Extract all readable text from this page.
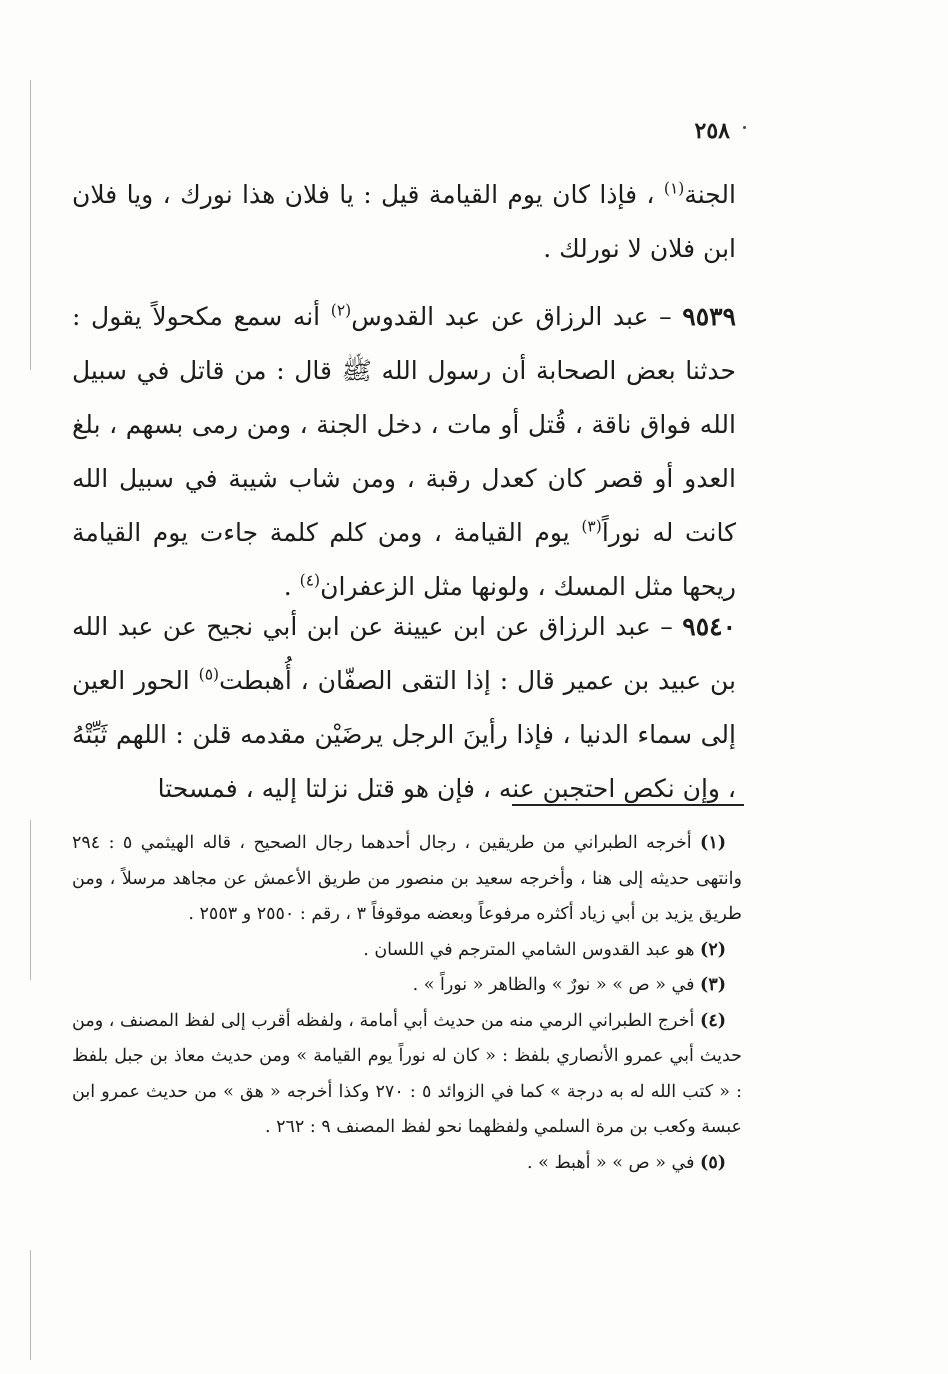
٢٥٨
الجنة$^{(١)}$ ، فإذا كان يوم القيامة قيل : يا فلان هذا نورك ، ويا فلان ابن فلان لا نورلك .
٩٥٣٩ – عبد الرزاق عن عبد القدوس$^{(٢)}$ أنه سمع مكحولاً يقول : حدثنا بعض الصحابة أن رسول الله ﷺ قال : من قاتل في سبيل الله فواق ناقة ، قُتل أو مات ، دخل الجنة ، ومن رمى بسهم ، بلغ العدو أو قصر كان كعدل رقبة ، ومن شاب شيبة في سبيل الله كانت له نوراً$^{(٣)}$ يوم القيامة ، ومن كلم كلمة جاءت يوم القيامة ريحها مثل المسك ، ولونها مثل الزعفران$^{(٤)}$ .
٩٥٤٠ – عبد الرزاق عن ابن عيينة عن ابن أبي نجيح عن عبد الله بن عبيد بن عمير قال : إذا التقى الصفّان ، أُهبطت$^{(٥)}$ الحور العين إلى سماء الدنيا ، فإذا رأينَ الرجل يرضَيْن مقدمه قلن : اللهم ثَبِّتْهُ ، وإن نكص احتجبن عنه ، فإن هو قتل نزلتا إليه ، فمسحتا

(١) أخرجه الطبراني من طريقين ، رجال أحدهما رجال الصحيح ، قاله الهيثمي ٥ : ٢٩٤ وانتهى حديثه إلى هنا ، وأخرجه سعيد بن منصور من طريق الأعمش عن مجاهد مرسلاً ، ومن طريق يزيد بن أبي زياد أكثره مرفوعاً وبعضه موقوفاً ٣ ، رقم : ٢٥٥٠ و ٢٥٥٣ .

(٢) هو عبد القدوس الشامي المترجم في اللسان .

(٣) في « ص » « نورٌ » والظاهر « نوراً » .

(٤) أخرج الطبراني الرمي منه من حديث أبي أمامة ، ولفظه أقرب إلى لفظ المصنف ، ومن حديث أبي عمرو الأنصاري بلفظ : « كان له نوراً يوم القيامة » ومن حديث معاذ بن جبل بلفظ : « كتب الله له به درجة » كما في الزوائد ٥ : ٢٧٠ وكذا أخرجه « هق » من حديث عمرو ابن عبسة وكعب بن مرة السلمي ولفظهما نحو لفظ المصنف ٩ : ٢٦٢ .

(٥) في « ص » « أهبط » .
